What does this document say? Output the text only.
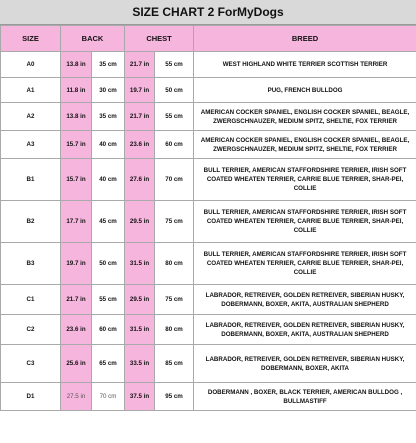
SIZE CHART 2 ForMyDogs
SIZE	BACK		CHEST		BREED
A0	13.8 in	35 cm	21.7 in	55 cm	WEST HIGHLAND WHITE TERRIER SCOTTISH TERRIER
A1	11.8 in	30 cm	19.7 in	50 cm	PUG, FRENCH BULLDOG
A2	13.8 in	35 cm	21.7 in	55 cm	AMERICAN COCKER SPANIEL, ENGLISH COCKER SPANIEL, BEAGLE, ZWERGSCHNAUZER, MEDIUM SPITZ, SHELTIE, FOX TERRIER
A3	15.7 in	40 cm	23.6 in	60 cm	AMERICAN COCKER SPANIEL, ENGLISH COCKER SPANIEL, BEAGLE, ZWERGSCHNAUZER, MEDIUM SPITZ, SHELTIE, FOX TERRIER
B1	15.7 in	40 cm	27.6 in	70 cm	BULL TERRIER, AMERICAN STAFFORDSHIRE TERRIER, IRISH SOFT COATED WHEATEN TERRIER, CARRIE BLUE TERRIER, SHAR-PEI, COLLIE
B2	17.7 in	45 cm	29.5 in	75 cm	BULL TERRIER, AMERICAN STAFFORDSHIRE TERRIER, IRISH SOFT COATED WHEATEN TERRIER, CARRIE BLUE TERRIER, SHAR-PEI, COLLIE
B3	19.7 in	50 cm	31.5 in	80 cm	BULL TERRIER, AMERICAN STAFFORDSHIRE TERRIER, IRISH SOFT COATED WHEATEN TERRIER, CARRIE BLUE TERRIER, SHAR-PEI, COLLIE
C1	21.7 in	55 cm	29.5 in	75 cm	LABRADOR, RETREIVER, GOLDEN RETREIVER, SIBERIAN HUSKY, DOBERMANN, BOXER, AKITA, AUSTRALIAN SHEPHERD
C2	23.6 in	60 cm	31.5 in	80 cm	LABRADOR, RETREIVER, GOLDEN RETREIVER, SIBERIAN HUSKY, DOBERMANN, BOXER, AKITA, AUSTRALIAN SHEPHERD
C3	25.6 in	65 cm	33.5 in	85 cm	LABRADOR, RETREIVER, GOLDEN RETREIVER, SIBERIAN HUSKY, DOBERMANN, BOXER, AKITA
D1	27.5 in	70 cm	37.5 in	95 cm	DOBERMANN , BOXER, BLACK TERRIER, AMERICAN BULLDOG , BULLMASTIFF
